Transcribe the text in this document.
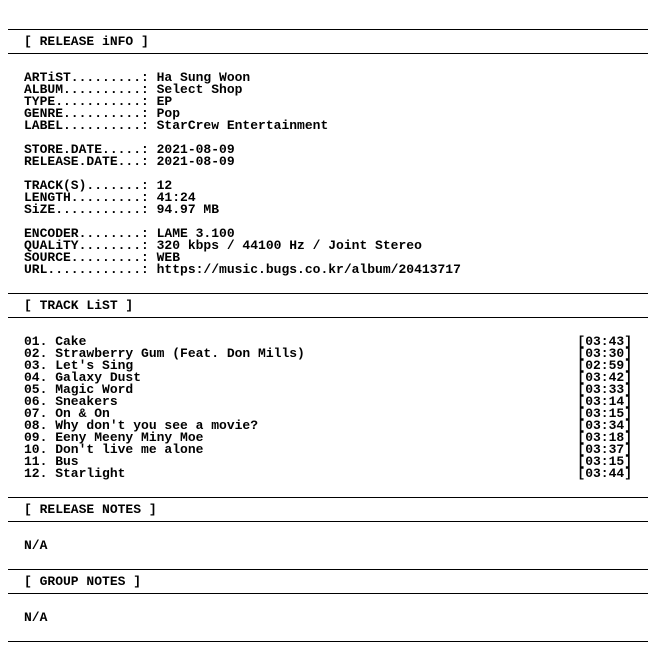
[ RELEASE iNFO ]
ARTiST.........: Ha Sung Woon
ALBUM..........: Select Shop
TYPE...........: EP
GENRE..........: Pop
LABEL..........: StarCrew Entertainment
STORE.DATE.....: 2021-08-09
RELEASE.DATE...: 2021-08-09
TRACK(S).......: 12
LENGTH.........: 41:24
SiZE...........: 94.97 MB
ENCODER........: LAME 3.100
QUALiTY........: 320 kbps / 44100 Hz / Joint Stereo
SOURCE.........: WEB
URL............: https://music.bugs.co.kr/album/20413717
[ TRACK LiST ]
01. Cake	[03:43]
02. Strawberry Gum (Feat. Don Mills)	[03:30]
03. Let's Sing	[02:59]
04. Galaxy Dust	[03:42]
05. Magic Word	[03:33]
06. Sneakers	[03:14]
07. On & On	[03:15]
08. Why don't you see a movie?	[03:34]
09. Eeny Meeny Miny Moe	[03:18]
10. Don't live me alone	[03:37]
11. Bus	[03:15]
12. Starlight	[03:44]
[ RELEASE NOTES ]
N/A
[ GROUP NOTES ]
N/A
